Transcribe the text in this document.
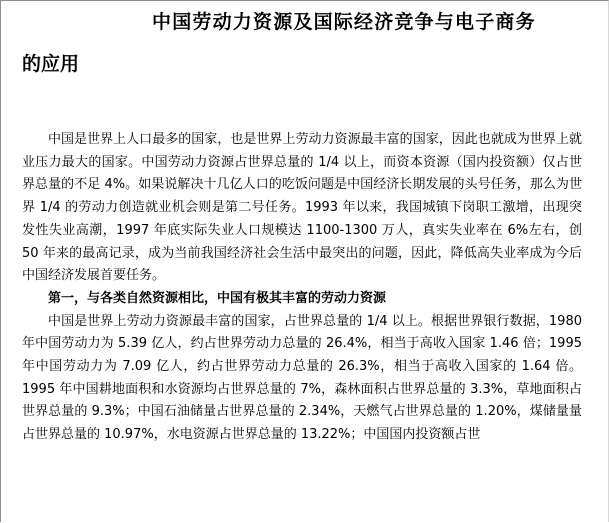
中国劳动力资源及国际经济竞争与电子商务
的应用

中国是世界上人口最多的国家，也是世界上劳动力资源最丰富的国家，因此也就成为世界上就业压力最大的国家。中国劳动力资源占世界总量的 1/4 以上，而资本资源（国内投资额）仅占世界总量的不足 4%。如果说解决十几亿人口的吃饭问题是中国经济长期发展的头号任务，那么为世界 1/4 的劳动力创造就业机会则是第二号任务。1993 年以来，我国城镇下岗职工激增，出现突发性失业高潮，1997 年底实际失业人口规模达 1100-1300 万人，真实失业率在 6%左右，创 50 年来的最高记录，成为当前我国经济社会生活中最突出的问题，因此，降低高失业率成为今后中国经济发展首要任务。

第一，与各类自然资源相比，中国有极其丰富的劳动力资源

中国是世界上劳动力资源最丰富的国家，占世界总量的 1/4 以上。根据世界银行数据，1980 年中国劳动力为 5.39 亿人，约占世界劳动力总量的 26.4%，相当于高收入国家 1.46 倍；1995 年中国劳动力为 7.09 亿人，约占世界劳动力总量的 26.3%，相当于高收入国家的 1.64 倍。1995 年中国耕地面积和水资源均占世界总量的 7%，森林面积占世界总量的 3.3%，草地面积占世界总量的 9.3%；中国石油储量占世界总量的 2.34%，天燃气占世界总量的 1.20%，煤储量量占世界总量的 10.97%，水电资源占世界总量的 13.22%；中国国内投资额占世
